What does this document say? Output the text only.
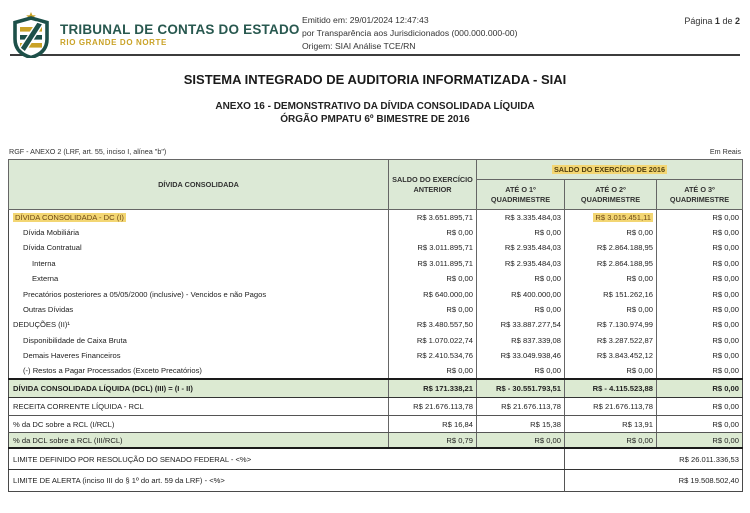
TRIBUNAL DE CONTAS DO ESTADO
RIO GRANDE DO NORTE
Emitido em: 29/01/2024 12:47:43
por Transparência aos Jurisdicionados (000.000.000-00)
Origem: SIAI Análise TCE/RN
Página 1 de 2
SISTEMA INTEGRADO DE AUDITORIA INFORMATIZADA - SIAI
ANEXO 16 - DEMONSTRATIVO DA DÍVIDA CONSOLIDADA LÍQUIDA
ÓRGÃO PMPATU 6º BIMESTRE DE 2016
RGF - ANEXO 2 (LRF, art. 55, inciso I, alínea "b")	Em Reais
DÍVIDA CONSOLIDADA	SALDO DO EXERCÍCIO ANTERIOR	SALDO DO EXERCÍCIO DE 2016		
		ATÉ O 1º QUADRIMESTRE	ATÉ O 2º QUADRIMESTRE	ATÉ O 3º QUADRIMESTRE
DÍVIDA CONSOLIDADA - DC (I)	R$ 3.651.895,71	R$ 3.335.484,03	R$ 3.015.451,11	R$ 0,00
Dívida Mobiliária	R$ 0,00	R$ 0,00	R$ 0,00	R$ 0,00
Dívida Contratual	R$ 3.011.895,71	R$ 2.935.484,03	R$ 2.864.188,95	R$ 0,00
Interna	R$ 3.011.895,71	R$ 2.935.484,03	R$ 2.864.188,95	R$ 0,00
Externa	R$ 0,00	R$ 0,00	R$ 0,00	R$ 0,00
Precatórios posteriores a 05/05/2000 (inclusive) - Vencidos e não Pagos	R$ 640.000,00	R$ 400.000,00	R$ 151.262,16	R$ 0,00
Outras Dívidas	R$ 0,00	R$ 0,00	R$ 0,00	R$ 0,00
DEDUÇÕES (II)¹	R$ 3.480.557,50	R$ 33.887.277,54	R$ 7.130.974,99	R$ 0,00
Disponibilidade de Caixa Bruta	R$ 1.070.022,74	R$ 837.339,08	R$ 3.287.522,87	R$ 0,00
Demais Haveres Financeiros	R$ 2.410.534,76	R$ 33.049.938,46	R$ 3.843.452,12	R$ 0,00
(-) Restos a Pagar Processados (Exceto Precatórios)	R$ 0,00	R$ 0,00	R$ 0,00	R$ 0,00
DÍVIDA CONSOLIDADA LÍQUIDA (DCL) (III) = (I - II)	R$ 171.338,21	R$ - 30.551.793,51	R$ - 4.115.523,88	R$ 0,00
RECEITA CORRENTE LÍQUIDA - RCL	R$ 21.676.113,78	R$ 21.676.113,78	R$ 21.676.113,78	R$ 0,00
% da DC sobre a RCL (I/RCL)	R$ 16,84	R$ 15,38	R$ 13,91	R$ 0,00
% da DCL sobre a RCL (III/RCL)	R$ 0,79	R$ 0,00	R$ 0,00	R$ 0,00
LIMITE DEFINIDO POR RESOLUÇÃO DO SENADO FEDERAL - <%>			R$ 26.011.336,53	
LIMITE DE ALERTA (inciso III do § 1º do art. 59 da LRF) - <%>			R$ 19.508.502,40	
